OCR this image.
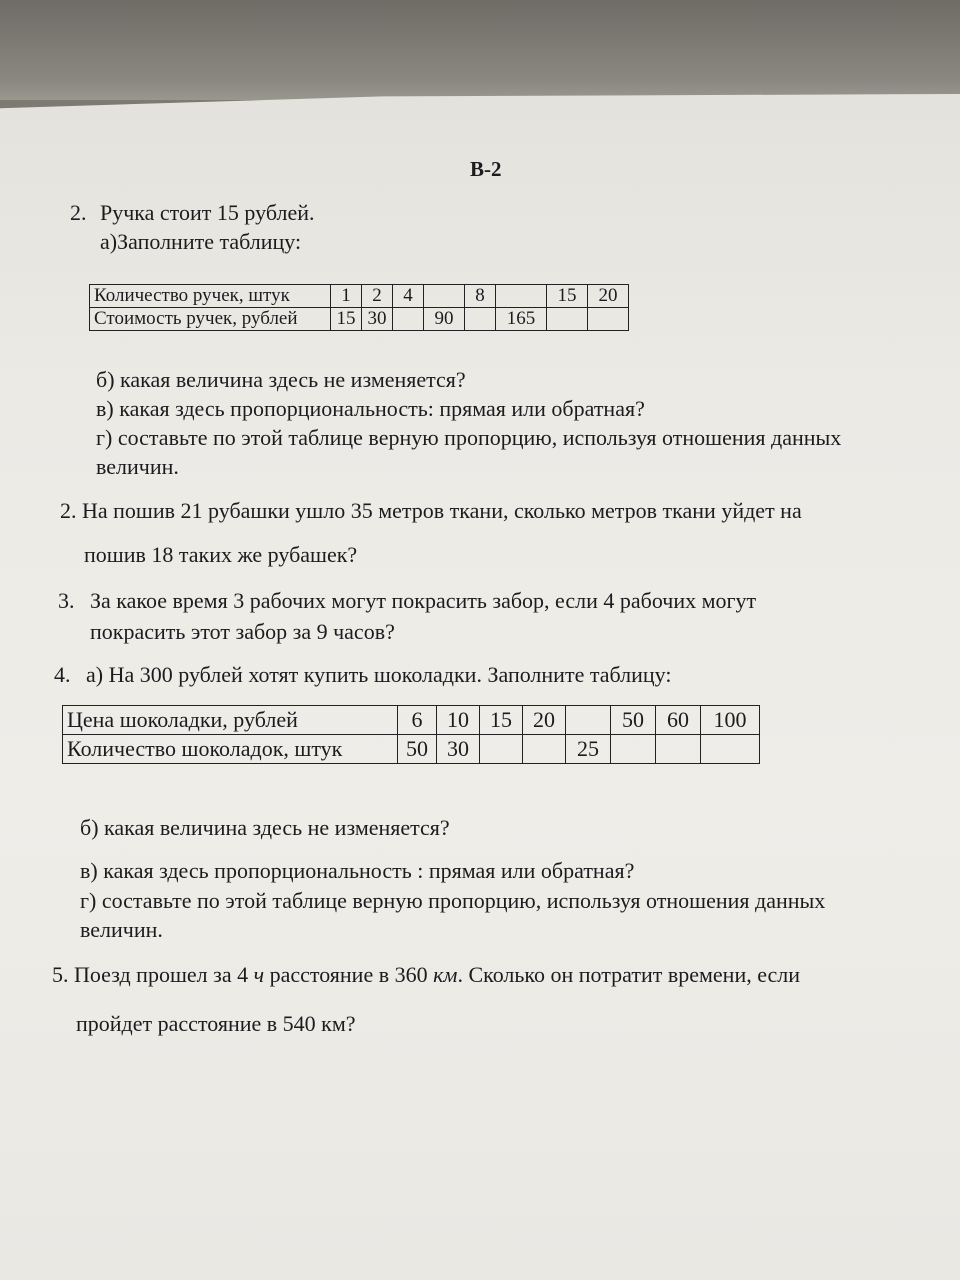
В-2
2. Ручка стоит 15 рублей.
а)Заполните таблицу:
Количество ручек, штук	1	2	4		8		15	20
Стоимость ручек, рублей	15	30		90		165		
б) какая величина здесь не изменяется?
в) какая здесь пропорциональность: прямая или обратная?
г) составьте по этой таблице верную пропорцию, используя отношения данных
величин.
2. На пошив 21 рубашки ушло 35 метров ткани, сколько метров ткани уйдет на
пошив 18 таких же рубашек?
3. За какое время 3 рабочих могут покрасить забор, если 4 рабочих могут
покрасить этот забор за 9 часов?
4. а) На 300 рублей хотят купить шоколадки. Заполните таблицу:
Цена шоколадки, рублей	6	10	15	20		50	60	100
Количество шоколадок, штук	50	30			25			
б) какая величина здесь не изменяется?
в) какая здесь пропорциональность : прямая или обратная?
г) составьте по этой таблице верную пропорцию, используя отношения данных
величин.
5. Поезд прошел за 4 ч расстояние в 360 км. Сколько он потратит времени, если
пройдет расстояние в 540 км?
